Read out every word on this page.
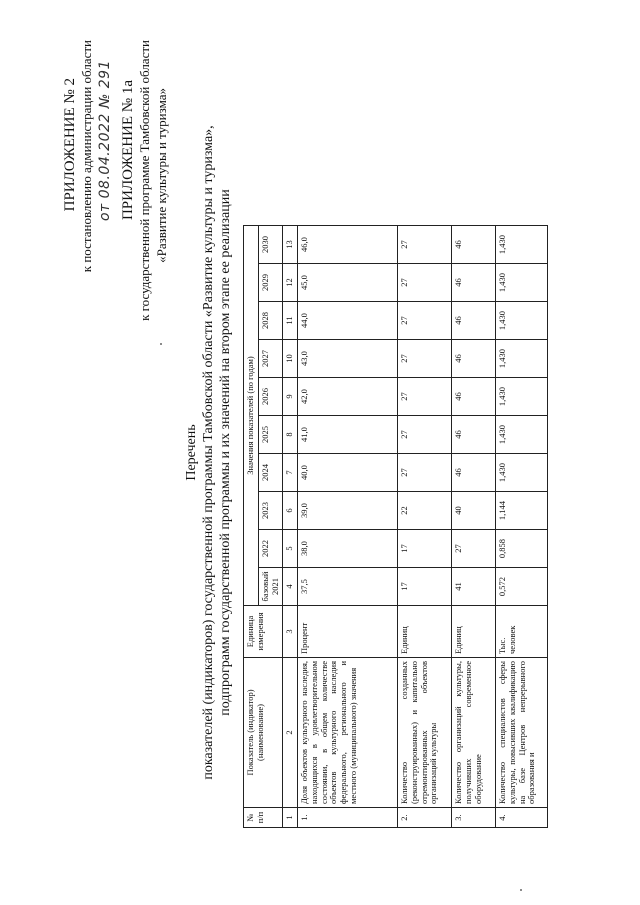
ПРИЛОЖЕНИЕ № 2 к постановлению администрации области от 08.04.2022 № 291 ПРИЛОЖЕНИЕ № 1а к государственной программе Тамбовской области «Развитие культуры и туризма»
Перечень показателей (индикаторов) государственной программы Тамбовской области «Развитие культуры и туризма», подпрограмм государственной программы и их значений на втором этапе ее реализации
№ п/п	Показатель (индикатор) (наименование)	Единица измерения	Значения показателей (по годам)									
			базовый 2021	2022	2023	2024	2025	2026	2027	2028	2029	2030
1	2	3	4	5	6	7	8	9	10	11	12	13
1.	Доля объектов культурного наследия, находящихся в удовлетворительном состоянии, в общем количестве объектов культурного наследия федерального, регионального и местного (муниципального) значения	Процент	37,5	38,0	39,0	40,0	41,0	42,0	43,0	44,0	45,0	46,0
2.	Количество созданных (реконструированных) и капитально отремонтированных объектов организаций культуры	Единиц	17	17	22	27	27	27	27	27	27	27
3.	Количество организаций культуры, получивших современное оборудование	Единиц	41	27	40	46	46	46	46	46	46	46
4.	Количество специалистов сферы культуры, повысивших квалификацию на базе Центров непрерывного образования и	Тыс. человек	0,572	0,858	1,144	1,430	1,430	1,430	1,430	1,430	1,430	1,430
